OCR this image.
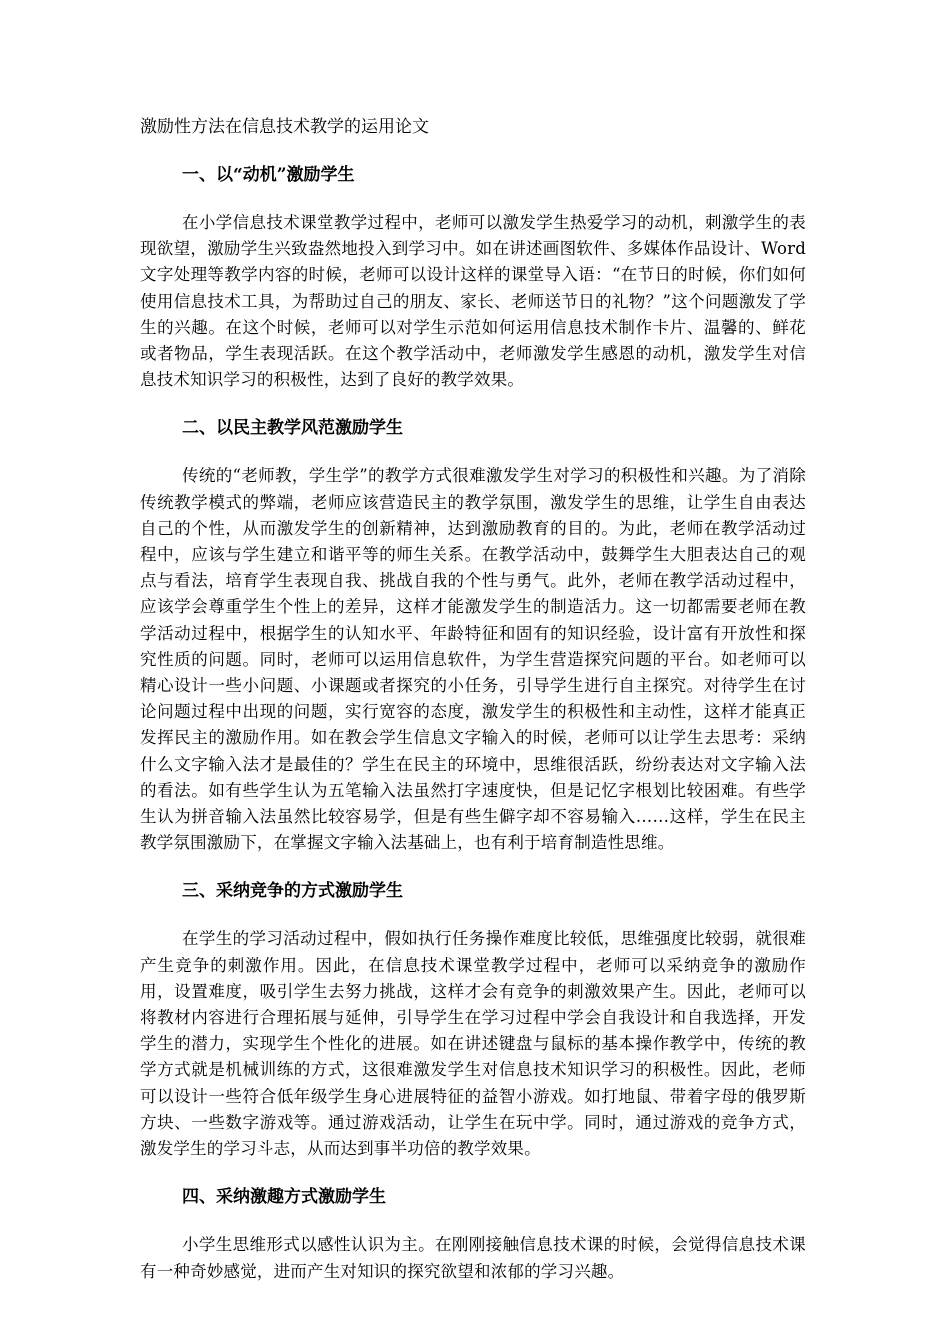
激励性方法在信息技术教学的运用论文
一、以“动机”激励学生
在小学信息技术课堂教学过程中，老师可以激发学生热爱学习的动机，刺激学生的表现欲望，激励学生兴致盎然地投入到学习中。如在讲述画图软件、多媒体作品设计、Word文字处理等教学内容的时候，老师可以设计这样的课堂导入语：“在节日的时候，你们如何使用信息技术工具，为帮助过自己的朋友、家长、老师送节日的礼物？”这个问题激发了学生的兴趣。在这个时候，老师可以对学生示范如何运用信息技术制作卡片、温馨的、鲜花或者物品，学生表现活跃。在这个教学活动中，老师激发学生感恩的动机，激发学生对信息技术知识学习的积极性，达到了良好的教学效果。
二、以民主教学风范激励学生
传统的“老师教，学生学”的教学方式很难激发学生对学习的积极性和兴趣。为了消除传统教学模式的弊端，老师应该营造民主的教学氛围，激发学生的思维，让学生自由表达自己的个性，从而激发学生的创新精神，达到激励教育的目的。为此，老师在教学活动过程中，应该与学生建立和谐平等的师生关系。在教学活动中，鼓舞学生大胆表达自己的观点与看法，培育学生表现自我、挑战自我的个性与勇气。此外，老师在教学活动过程中，应该学会尊重学生个性上的差异，这样才能激发学生的制造活力。这一切都需要老师在教学活动过程中，根据学生的认知水平、年龄特征和固有的知识经验，设计富有开放性和探究性质的问题。同时，老师可以运用信息软件，为学生营造探究问题的平台。如老师可以精心设计一些小问题、小课题或者探究的小任务，引导学生进行自主探究。对待学生在讨论问题过程中出现的问题，实行宽容的态度，激发学生的积极性和主动性，这样才能真正发挥民主的激励作用。如在教会学生信息文字输入的时候，老师可以让学生去思考：采纳什么文字输入法才是最佳的？学生在民主的环境中，思维很活跃，纷纷表达对文字输入法的看法。如有些学生认为五笔输入法虽然打字速度快，但是记忆字根划比较困难。有些学生认为拼音输入法虽然比较容易学，但是有些生僻字却不容易输入……这样，学生在民主教学氛围激励下，在掌握文字输入法基础上，也有利于培育制造性思维。
三、采纳竞争的方式激励学生
在学生的学习活动过程中，假如执行任务操作难度比较低，思维强度比较弱，就很难产生竞争的刺激作用。因此，在信息技术课堂教学过程中，老师可以采纳竞争的激励作用，设置难度，吸引学生去努力挑战，这样才会有竞争的刺激效果产生。因此，老师可以将教材内容进行合理拓展与延伸，引导学生在学习过程中学会自我设计和自我选择，开发学生的潜力，实现学生个性化的进展。如在讲述键盘与鼠标的基本操作教学中，传统的教学方式就是机械训练的方式，这很难激发学生对信息技术知识学习的积极性。因此，老师可以设计一些符合低年级学生身心进展特征的益智小游戏。如打地鼠、带着字母的俄罗斯方块、一些数字游戏等。通过游戏活动，让学生在玩中学。同时，通过游戏的竞争方式，激发学生的学习斗志，从而达到事半功倍的教学效果。
四、采纳激趣方式激励学生
小学生思维形式以感性认识为主。在刚刚接触信息技术课的时候，会觉得信息技术课有一种奇妙感觉，进而产生对知识的探究欲望和浓郁的学习兴趣。
